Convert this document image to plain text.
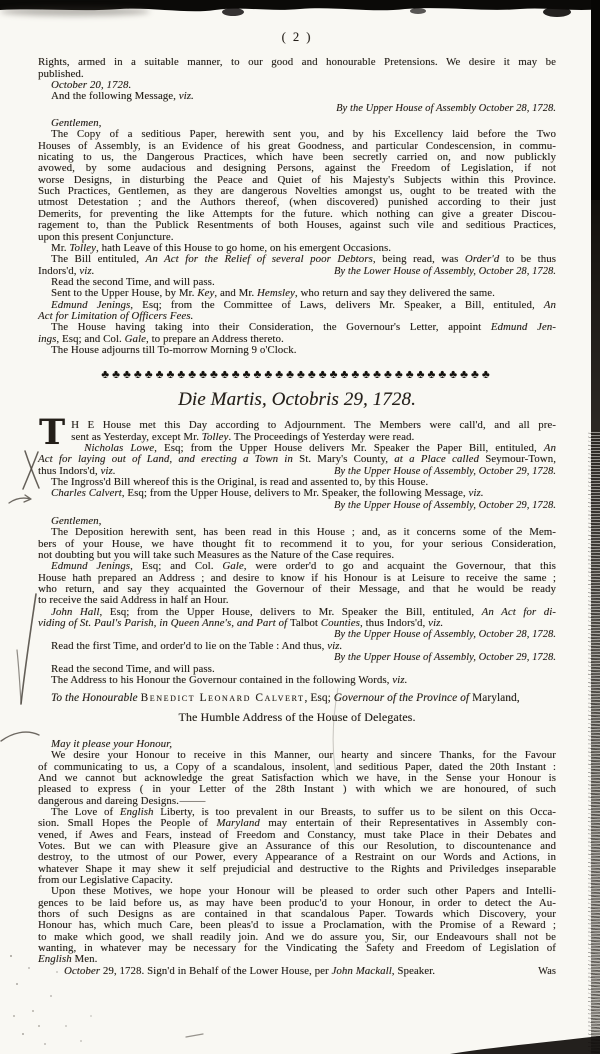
( 2 )
Rights, armed in a suitable manner, to our good and honourable Pretensions. We desire it may be
published.
October 20, 1728.
And the following Message, viz.
By the Upper House of Assembly October 28, 1728.
Gentlemen,
The Copy of a seditious Paper, herewith sent you, and by his Excellency laid before the Two
Houses of Assembly, is an Evidence of his great Goodness, and particular Condescension, in commu-
nicating to us, the Dangerous Practices, which have been secretly carried on, and now publickly
avowed, by some audacious and designing Persons, against the Freedom of Legislation, if not
worse Designs, in disturbing the Peace and Quiet of his Majesty's Subjects within this Province.
Such Practices, Gentlemen, as they are dangerous Novelties amongst us, ought to be treated with the
utmost Detestation ; and the Authors thereof, (when discovered) punished according to their just
Demerits, for preventing the like Attempts for the future. which nothing can give a greater Discou-
ragement to, than the Publick Resentments of both Houses, against such vile and seditious Practices,
upon this present Conjuncture.
Mr. Tolley, hath Leave of this House to go home, on his emergent Occasions.
The Bill entituled, An Act for the Relief of several poor Debtors, being read, was Order'd to be thus
Indors'd, viz.	By the Lower House of Assembly, October 28, 1728.
Read the second Time, and will pass.
Sent to the Upper House, by Mr. Key, and Mr. Hemsley, who return and say they delivered the same.
Edmund Jenings, Esq; from the Committee of Laws, delivers Mr. Speaker, a Bill, entituled, An
Act for Limitation of Officers Fees.
The House having taking into their Consideration, the Governour's Letter, appoint Edmund Jen-
ings, Esq; and Col. Gale, to prepare an Address thereto.
The House adjourns till To-morrow Morning 9 o'Clock.
♣♣♣♣♣♣♣♣♣♣♣♣♣♣♣♣♣♣♣♣♣♣♣♣♣♣♣♣♣♣♣♣♣♣♣♣
Die Martis, Octobris 29, 1728.
T H E House met this Day according to Adjournment. The Members were call'd, and all pre-
sent as Yesterday, except Mr. Tolley. The Proceedings of Yesterday were read.
Nicholas Lowe, Esq; from the Upper House delivers Mr. Speaker the Paper Bill, entituled, An
Act for laying out of Land, and erecting a Town in St. Mary's County, at a Place called Seymour-Town,
thus Indors'd, viz.	By the Upper House of Assembly, October 29, 1728.
The Ingross'd Bill whereof this is the Original, is read and assented to, by this House.
Charles Calvert, Esq; from the Upper House, delivers to Mr. Speaker, the following Message, viz.
By the Upper House of Assembly, October 29, 1728.
Gentlemen,
The Deposition herewith sent, has been read in this House ; and, as it concerns some of the Mem-
bers of your House, we have thought fit to recommend it to you, for your serious Consideration,
not doubting but you will take such Measures as the Nature of the Case requires.
Edmund Jenings, Esq; and Col. Gale, were order'd to go and acquaint the Governour, that this
House hath prepared an Address ; and desire to know if his Honour is at Leisure to receive the same ;
who return, and say they acquainted the Governour of their Message, and that he would be ready
to receive the said Address in half an Hour.
John Hall, Esq; from the Upper House, delivers to Mr. Speaker the Bill, entituled, An Act for di-
viding of St. Paul's Parish, in Queen Anne's, and Part of Talbot Counties, thus Indors'd, viz.
By the Upper House of Assembly, October 28, 1728.
Read the first Time, and order'd to lie on the Table : And thus, viz.
By the Upper House of Assembly, October 29, 1728.
Read the second Time, and will pass.
The Address to his Honour the Governour contained in the following Words, viz.
To the Honourable Benedict Leonard Calvert, Esq; Governour of the Province of Maryland,
The Humble Address of the House of Delegates.
May it please your Honour,
We desire your Honour to receive in this Manner, our hearty and sincere Thanks, for the Favour
of communicating to us, a Copy of a scandalous, insolent, and seditious Paper, dated the 20th Instant :
And we cannot but acknowledge the great Satisfaction which we have, in the Sense your Honour is
pleased to express ( in your Letter of the 28th Instant ) with which we are honoured, of such
dangerous and dareing Designs.⸻
The Love of English Liberty, is too prevalent in our Breasts, to suffer us to be silent on this Occa-
sion. Small Hopes the People of Maryland may entertain of their Representatives in Assembly con-
vened, if Awes and Fears, instead of Freedom and Constancy, must take Place in their Debates and
Votes. But we can with Pleasure give an Assurance of this our Resolution, to discountenance and
destroy, to the utmost of our Power, every Appearance of a Restraint on our Words and Actions, in
whatever Shape it may shew it self prejudicial and destructive to the Rights and Priviledges inseparable
from our Legislative Capacity.
Upon these Motives, we hope your Honour will be pleased to order such other Papers and Intelli-
gences to be laid before us, as may have been produc'd to your Honour, in order to detect the Au-
thors of such Designs as are contained in that scandalous Paper. Towards which Discovery, your
Honour has, which much Care, been pleas'd to issue a Proclamation, with the Promise of a Reward ;
to make which good, we shall readily join. And we do assure you, Sir, our Endeavours shall not be
wanting, in whatever may be necessary for the Vindicating the Safety and Freedom of Legislation of
English Men.
October 29, 1728. Sign'd in Behalf of the Lower House, per John Mackall, Speaker.	Was
